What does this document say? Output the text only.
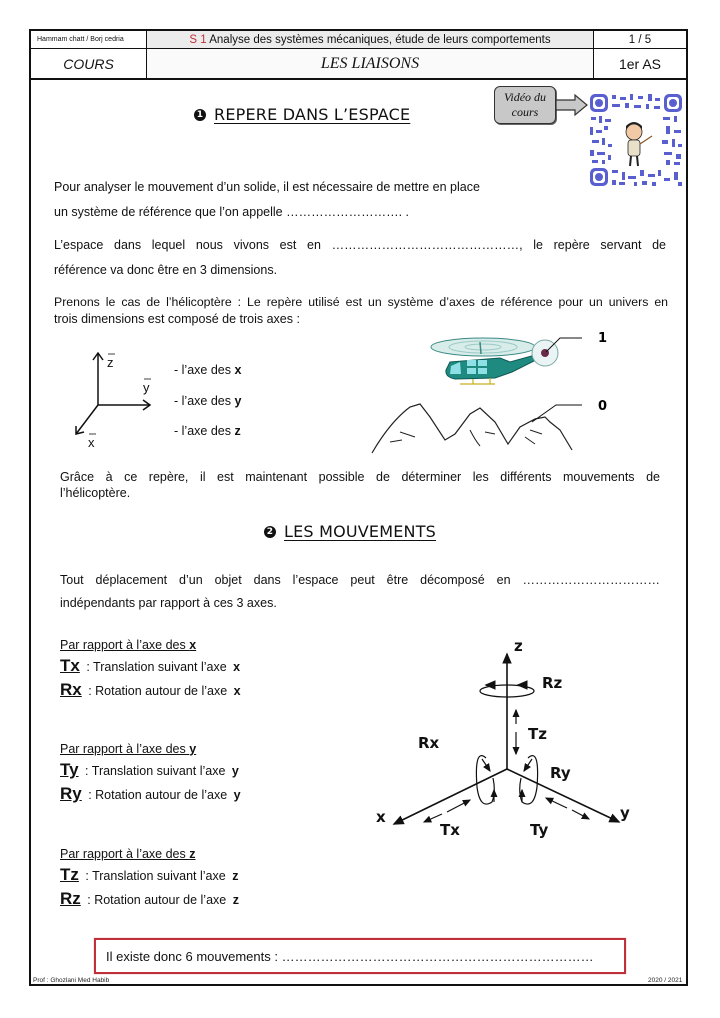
Hammam chatt / Borj cedria	S 1 Analyse des systèmes mécaniques, étude de leurs comportements	1 / 5
COURS	LES LIAISONS	1er AS
1 REPERE DANS L’ESPACE
Vidéo du
cours
Pour analyser le mouvement d’un solide, il est nécessaire de mettre en place
un système de référence que l’on appelle ………………………. .
L’espace dans lequel nous vivons est en ………………………………………, le repère servant de
référence va donc être en 3 dimensions.
Prenons le cas de l’hélicoptère : Le repère utilisé est un système d’axes de référence pour un univers en
trois dimensions est composé de trois axes :
z
y
x
- l’axe des x
- l’axe des y
- l’axe des z
1
0
Grâce à ce repère, il est maintenant possible de déterminer les différents mouvements de
l’hélicoptère.
2 LES MOUVEMENTS
Tout déplacement d’un objet dans l’espace peut être décomposé en ……………………………
indépendants par rapport à ces 3 axes.
Par rapport à l’axe des x
Tx : Translation suivant l’axe x
Rx : Rotation autour de l’axe x
Par rapport à l’axe des y
Ty : Translation suivant l’axe y
Ry : Rotation autour de l’axe y
Par rapport à l’axe des z
Tz : Translation suivant l’axe z
Rz : Rotation autour de l’axe z
z
Rz
Tz
Rx
Ry
x	y
Tx	Ty
Il existe donc 6 mouvements : ………………………………………………………………
Prof : Ghozlani Med Habib	2020 / 2021
